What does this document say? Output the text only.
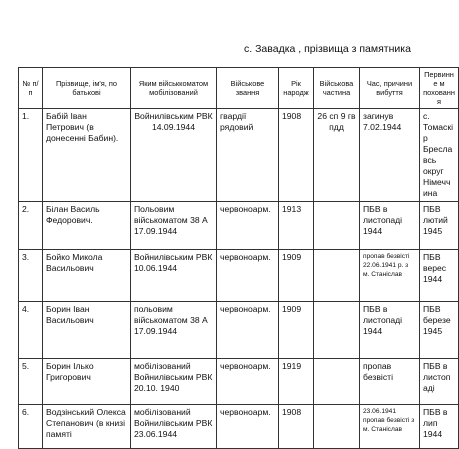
с. Завадка , прізвища з памятника
№ п/п	Прізвище, ім'я, по батькові	Яким військкоматом мобілізований	Військове звання	Рік народж	Військова частина	Час, причини вибуття	Первинне м поховання
1.	Бабій Іван Петрович (в донесенні Бабин).	Войнилівським РВК 14.09.1944	гвардії рядовий	1908	26 сп 9 гв пдд	загинув 7.02.1944	с. Томаскір Бреславсь округ Німеччина
2.	Білан Василь Федорович.	Польовим військоматом 38 А 17.09.1944	червоноарм.	1913		ПБВ в листопаді 1944	ПБВ лютий 1945
3.	Бойко Микола Васильович	Войнилівським РВК 10.06.1944	червоноарм.	1909		пропав безвісті 22.06.1941 р. з м. Станіслав	ПБВ верес 1944
4.	Борин Іван Васильович	польовим військоматом 38 А 17.09.1944	червоноарм.	1909		ПБВ в листопаді 1944	ПБВ березе 1945
5.	Борин Ілько Григорович	мобілізований Войнилівським РВК 20.10. 1940	червоноарм.	1919		пропав безвісті	ПБВ в листопаді
6.	Водзінський Олекса Степанович (в книзі памяті	мобілізований Войнилівським РВК 23.06.1944	червоноарм.	1908		23.06.1941 пропав безвісті з м. Станіслав	ПБВ в лип 1944
